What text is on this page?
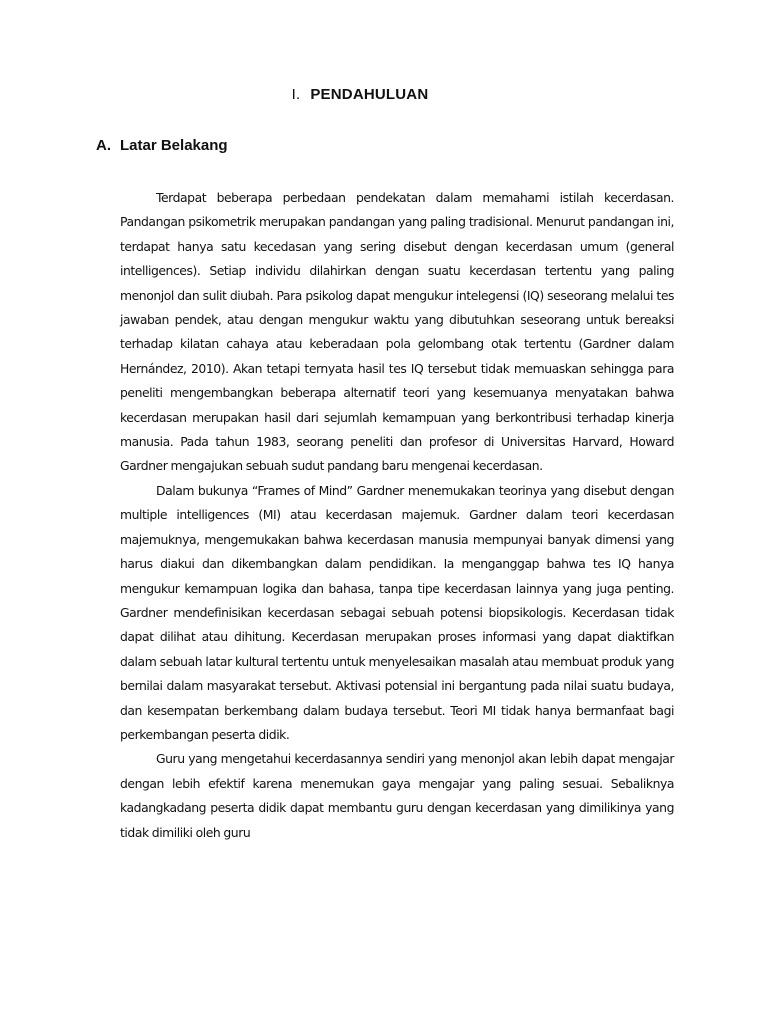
I. PENDAHULUAN
A. Latar Belakang

Terdapat beberapa perbedaan pendekatan dalam memahami istilah kecerdasan. Pandangan psikometrik merupakan pandangan yang paling tradisional. Menurut pandangan ini, terdapat hanya satu kecedasan yang sering disebut dengan kecerdasan umum (general intelligences). Setiap individu dilahirkan dengan suatu kecerdasan tertentu yang paling menonjol dan sulit diubah. Para psikolog dapat mengukur intelegensi (IQ) seseorang melalui tes jawaban pendek, atau dengan mengukur waktu yang dibutuhkan seseorang untuk bereaksi terhadap kilatan cahaya atau keberadaan pola gelombang otak tertentu (Gardner dalam Hernández, 2010). Akan tetapi ternyata hasil tes IQ tersebut tidak memuaskan sehingga para peneliti mengembangkan beberapa alternatif teori yang kesemuanya menyatakan bahwa kecerdasan merupakan hasil dari sejumlah kemampuan yang berkontribusi terhadap kinerja manusia. Pada tahun 1983, seorang peneliti dan profesor di Universitas Harvard, Howard Gardner mengajukan sebuah sudut pandang baru mengenai kecerdasan.

Dalam bukunya “Frames of Mind” Gardner menemukakan teorinya yang disebut dengan multiple intelligences (MI) atau kecerdasan majemuk. Gardner dalam teori kecerdasan majemuknya, mengemukakan bahwa kecerdasan manusia mempunyai banyak dimensi yang harus diakui dan dikembangkan dalam pendidikan. Ia menganggap bahwa tes IQ hanya mengukur kemampuan logika dan bahasa, tanpa tipe kecerdasan lainnya yang juga penting. Gardner mendefinisikan kecerdasan sebagai sebuah potensi biopsikologis. Kecerdasan tidak dapat dilihat atau dihitung. Kecerdasan merupakan proses informasi yang dapat diaktifkan dalam sebuah latar kultural tertentu untuk menyelesaikan masalah atau membuat produk yang bernilai dalam masyarakat tersebut. Aktivasi potensial ini bergantung pada nilai suatu budaya, dan kesempatan berkembang dalam budaya tersebut. Teori MI tidak hanya bermanfaat bagi perkembangan peserta didik.

Guru yang mengetahui kecerdasannya sendiri yang menonjol akan lebih dapat mengajar dengan lebih efektif karena menemukan gaya mengajar yang paling sesuai. Sebaliknya kadangkadang peserta didik dapat membantu guru dengan kecerdasan yang dimilikinya yang tidak dimiliki oleh guru
